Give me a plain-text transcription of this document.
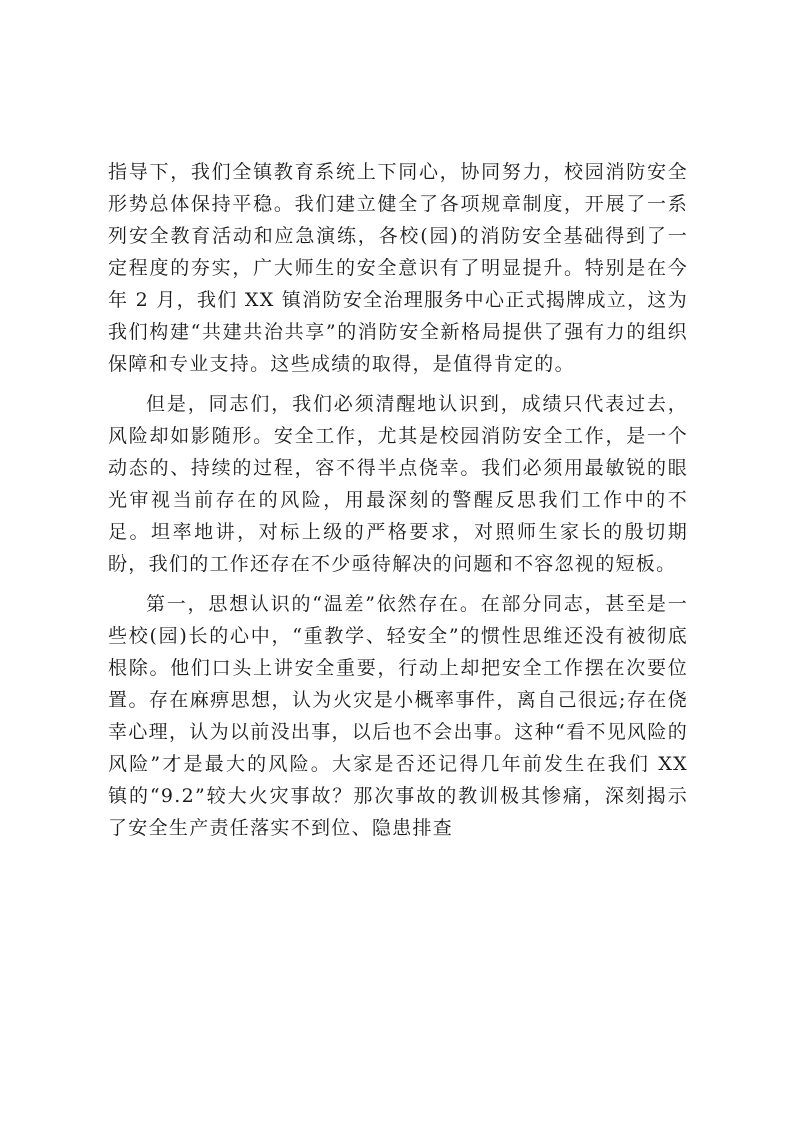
指导下，我们全镇教育系统上下同心，协同努力，校园消防安全形势总体保持平稳。我们建立健全了各项规章制度，开展了一系列安全教育活动和应急演练，各校(园)的消防安全基础得到了一定程度的夯实，广大师生的安全意识有了明显提升。特别是在今年 2 月，我们 XX 镇消防安全治理服务中心正式揭牌成立，这为我们构建“共建共治共享”的消防安全新格局提供了强有力的组织保障和专业支持。这些成绩的取得，是值得肯定的。

但是，同志们，我们必须清醒地认识到，成绩只代表过去，风险却如影随形。安全工作，尤其是校园消防安全工作，是一个动态的、持续的过程，容不得半点侥幸。我们必须用最敏锐的眼光审视当前存在的风险，用最深刻的警醒反思我们工作中的不足。坦率地讲，对标上级的严格要求，对照师生家长的殷切期盼，我们的工作还存在不少亟待解决的问题和不容忽视的短板。

第一，思想认识的“温差”依然存在。在部分同志，甚至是一些校(园)长的心中，“重教学、轻安全”的惯性思维还没有被彻底根除。他们口头上讲安全重要，行动上却把安全工作摆在次要位置。存在麻痹思想，认为火灾是小概率事件，离自己很远;存在侥幸心理，认为以前没出事，以后也不会出事。这种“看不见风险的风险”才是最大的风险。大家是否还记得几年前发生在我们 XX 镇的“9.2”较大火灾事故？那次事故的教训极其惨痛，深刻揭示了安全生产责任落实不到位、隐患排查
